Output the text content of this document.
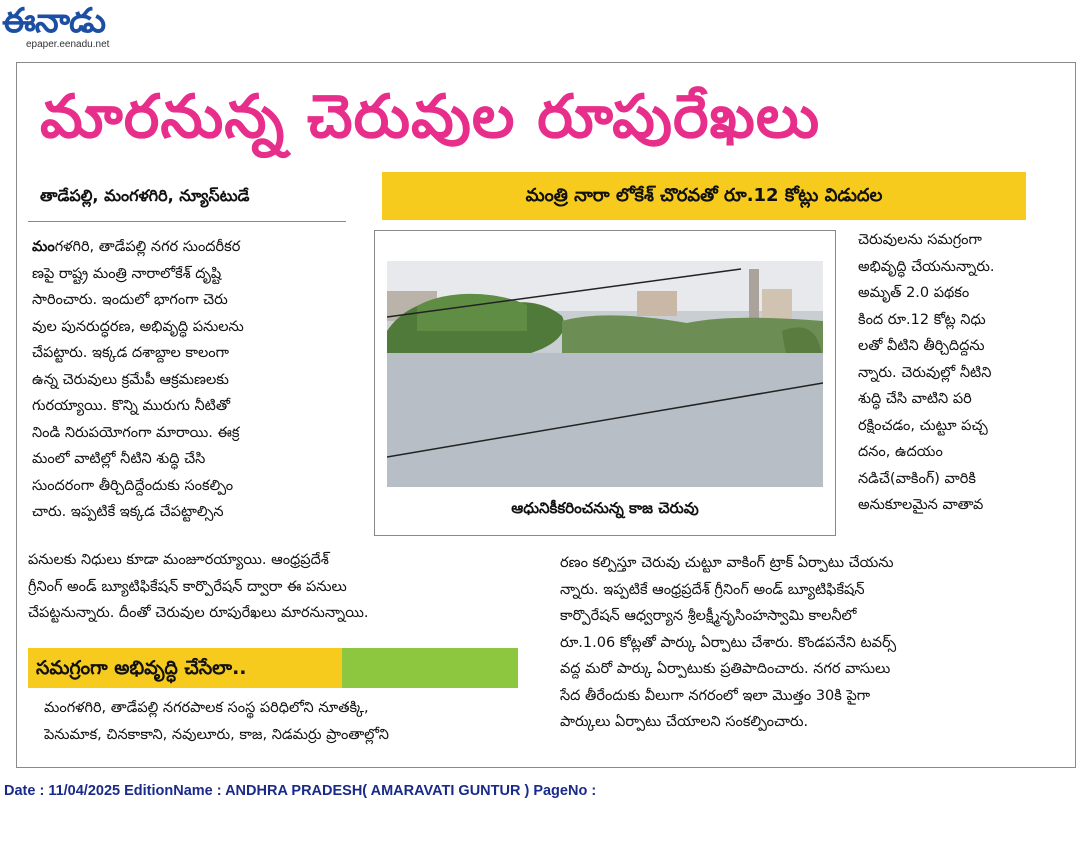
ఈనాడు
epaper.eenadu.net
మారనున్న చెరువుల రూపురేఖలు
తాడేపల్లి, మంగళగిరి, న్యూస్‌టుడే	మంత్రి నారా లోకేశ్‌ చొరవతో రూ.12 కోట్లు విడుదల
మంగళగిరి, తాడేపల్లి నగర సుందరీకర
ణపై రాష్ట్ర మంత్రి నారాలోకేశ్‌ దృష్టి
సారించారు. ఇందులో భాగంగా చెరు
వుల పునరుద్ధరణ, అభివృద్ధి పనులను
చేపట్టారు. ఇక్కడ దశాబ్దాల కాలంగా
ఉన్న చెరువులు క్రమేపీ ఆక్రమణలకు
గురయ్యాయి. కొన్ని మురుగు నీటితో
నిండి నిరుపయోగంగా మారాయి. ఈక్ర
మంలో వాటిల్లో నీటిని శుద్ధి చేసి
సుందరంగా తీర్చిదిద్దేందుకు సంకల్పిం
చారు. ఇప్పటికే ఇక్కడ చేపట్టాల్సిన
పనులకు నిధులు కూడా మంజూరయ్యాయి. ఆంధ్రప్రదేశ్‌
గ్రీనింగ్‌ అండ్‌ బ్యూటిఫికేషన్‌ కార్పొరేషన్‌ ద్వారా ఈ పనులు
చేపట్టనున్నారు. దీంతో చెరువుల రూపురేఖలు మారనున్నాయి.
ఆధునికీకరించనున్న కాజ చెరువు
చెరువులను సమగ్రంగా
అభివృద్ధి చేయనున్నారు.
అమృత్‌ 2.0 పథకం
కింద రూ.12 కోట్ల నిధు
లతో వీటిని తీర్చిదిద్దను
న్నారు. చెరువుల్లో నీటిని
శుద్ధి చేసి వాటిని పరి
రక్షించడం, చుట్టూ పచ్చ
దనం, ఉదయం
నడిచే(వాకింగ్‌) వారికి
అనుకూలమైన వాతావ
రణం కల్పిస్తూ చెరువు చుట్టూ వాకింగ్‌ ట్రాక్‌ ఏర్పాటు చేయను
న్నారు. ఇప్పటికే ఆంధ్రప్రదేశ్‌ గ్రీనింగ్‌ అండ్‌ బ్యూటిఫికేషన్‌
కార్పొరేషన్‌ ఆధ్వర్యాన శ్రీలక్ష్మీనృసింహస్వామి కాలనీలో
రూ.1.06 కోట్లతో పార్కు ఏర్పాటు చేశారు. కొండపనేని టవర్స్‌
వద్ద మరో పార్కు ఏర్పాటుకు ప్రతిపాదించారు. నగర వాసులు
సేద తీరేందుకు వీలుగా నగరంలో ఇలా మొత్తం 30కి పైగా
పార్కులు ఏర్పాటు చేయాలని సంకల్పించారు.
సమగ్రంగా అభివృద్ధి చేసేలా..
మంగళగిరి, తాడేపల్లి నగరపాలక సంస్థ పరిధిలోని నూతక్కి,
పెనుమాక, చినకాకాని, నవులూరు, కాజ, నిడమర్రు ప్రాంతాల్లోని
Date : 11/04/2025 EditionName : ANDHRA PRADESH( AMARAVATI GUNTUR ) PageNo :
